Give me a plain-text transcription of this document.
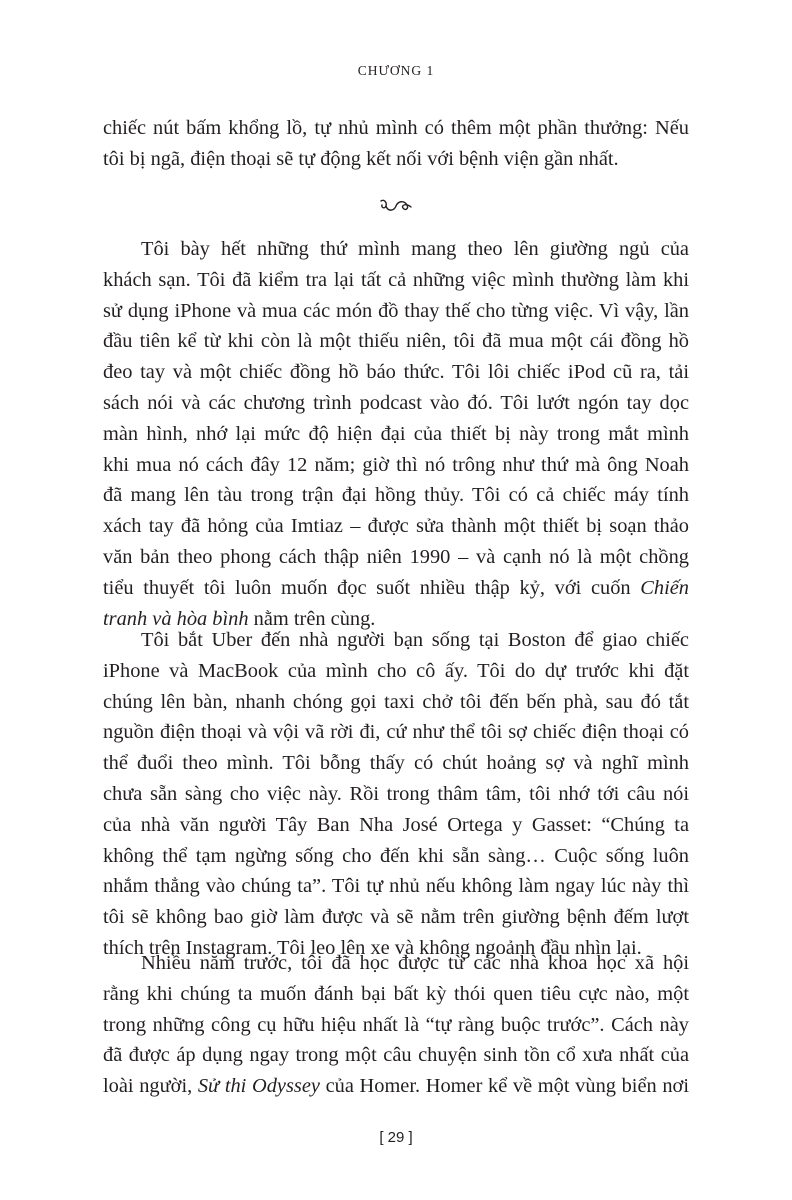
CHƯƠNG 1
chiếc nút bấm khổng lồ, tự nhủ mình có thêm một phần thưởng: Nếu
tôi bị ngã, điện thoại sẽ tự động kết nối với bệnh viện gần nhất.
Tôi bày hết những thứ mình mang theo lên giường ngủ của
khách sạn. Tôi đã kiểm tra lại tất cả những việc mình thường làm khi
sử dụng iPhone và mua các món đồ thay thế cho từng việc. Vì vậy, lần
đầu tiên kể từ khi còn là một thiếu niên, tôi đã mua một cái đồng hồ
đeo tay và một chiếc đồng hồ báo thức. Tôi lôi chiếc iPod cũ ra, tải
sách nói và các chương trình podcast vào đó. Tôi lướt ngón tay dọc
màn hình, nhớ lại mức độ hiện đại của thiết bị này trong mắt mình
khi mua nó cách đây 12 năm; giờ thì nó trông như thứ mà ông Noah
đã mang lên tàu trong trận đại hồng thủy. Tôi có cả chiếc máy tính
xách tay đã hỏng của Imtiaz – được sửa thành một thiết bị soạn thảo
văn bản theo phong cách thập niên 1990 – và cạnh nó là một chồng
tiểu thuyết tôi luôn muốn đọc suốt nhiều thập kỷ, với cuốn Chiến
tranh và hòa bình nằm trên cùng.
Tôi bắt Uber đến nhà người bạn sống tại Boston để giao chiếc
iPhone và MacBook của mình cho cô ấy. Tôi do dự trước khi đặt
chúng lên bàn, nhanh chóng gọi taxi chở tôi đến bến phà, sau đó tắt
nguồn điện thoại và vội vã rời đi, cứ như thể tôi sợ chiếc điện thoại có
thể đuổi theo mình. Tôi bỗng thấy có chút hoảng sợ và nghĩ mình
chưa sẵn sàng cho việc này. Rồi trong thâm tâm, tôi nhớ tới câu nói
của nhà văn người Tây Ban Nha José Ortega y Gasset: “Chúng ta
không thể tạm ngừng sống cho đến khi sẵn sàng… Cuộc sống luôn
nhắm thẳng vào chúng ta”. Tôi tự nhủ nếu không làm ngay lúc này thì
tôi sẽ không bao giờ làm được và sẽ nằm trên giường bệnh đếm lượt
thích trên Instagram. Tôi leo lên xe và không ngoảnh đầu nhìn lại.
Nhiều năm trước, tôi đã học được từ các nhà khoa học xã hội
rằng khi chúng ta muốn đánh bại bất kỳ thói quen tiêu cực nào, một
trong những công cụ hữu hiệu nhất là “tự ràng buộc trước”. Cách này
đã được áp dụng ngay trong một câu chuyện sinh tồn cổ xưa nhất của
loài người, Sử thi Odyssey của Homer. Homer kể về một vùng biển nơi
[ 29 ]
